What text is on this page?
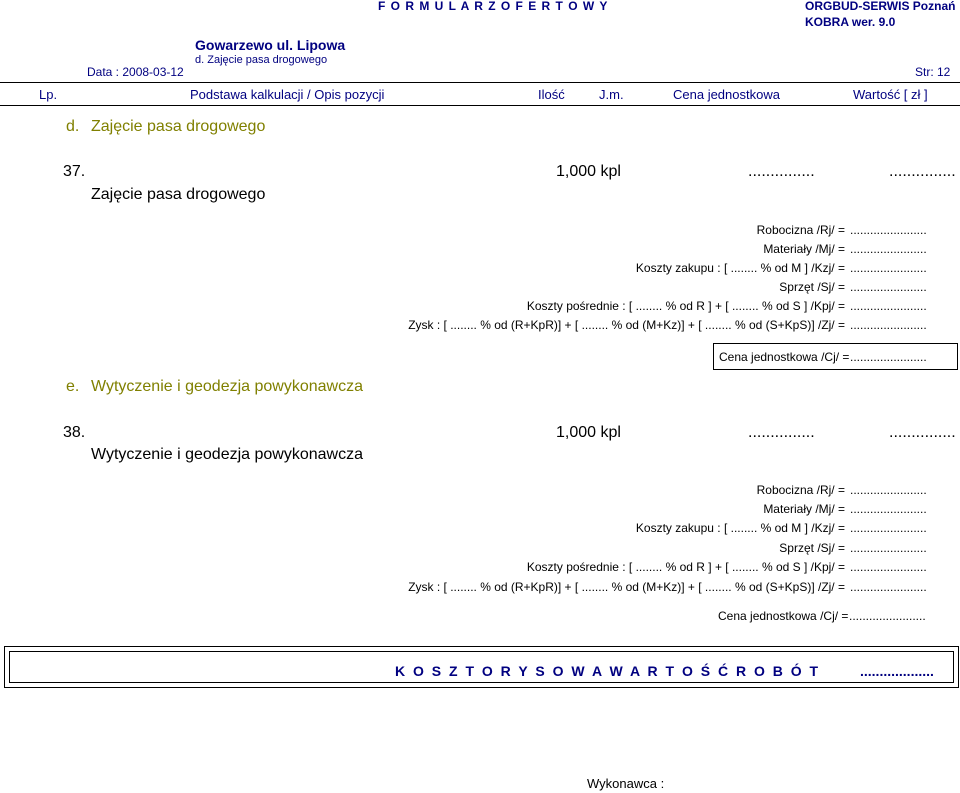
F O R M U L A R Z O F E R T O W Y	ORGBUD-SERWIS Poznań
KOBRA wer. 9.0
Gowarzewo ul. Lipowa
d. Zajęcie pasa drogowego
Data : 2008-03-12	Str: 12
Lp.	Podstawa kalkulacji / Opis pozycji	Ilość	J.m.	Cena jednostkowa	Wartość [ zł ]
d. Zajęcie pasa drogowego
37.
Zajęcie pasa drogowego
1,000 kpl	...............	...............
Robocizna /Rj/ = .......................
Materiały /Mj/ = .......................
Koszty zakupu : [ ........ % od M ] /Kzj/ = .......................
Sprzęt /Sj/ = .......................
Koszty pośrednie : [ ........ % od R ] + [ ........ % od S ] /Kpj/ = .......................
Zysk : [ ........ % od (R+KpR)] + [ ........ % od (M+Kz)] + [ ........ % od (S+KpS)] /Zj/ = .......................
Cena jednostkowa /Cj/ = .......................
e. Wytyczenie i geodezja powykonawcza
38.
Wytyczenie i geodezja powykonawcza
1,000 kpl	...............	...............
Robocizna /Rj/ = .......................
Materiały /Mj/ = .......................
Koszty zakupu : [ ........ % od M ] /Kzj/ = .......................
Sprzęt /Sj/ = .......................
Koszty pośrednie : [ ........ % od R ] + [ ........ % od S ] /Kpj/ = .......................
Zysk : [ ........ % od (R+KpR)] + [ ........ % od (M+Kz)] + [ ........ % od (S+KpS)] /Zj/ = .......................
Cena jednostkowa /Cj/ = .......................
K O S Z T O R Y S O W A W A R T O Ś Ć R O B Ó T	...................
Wykonawca :
